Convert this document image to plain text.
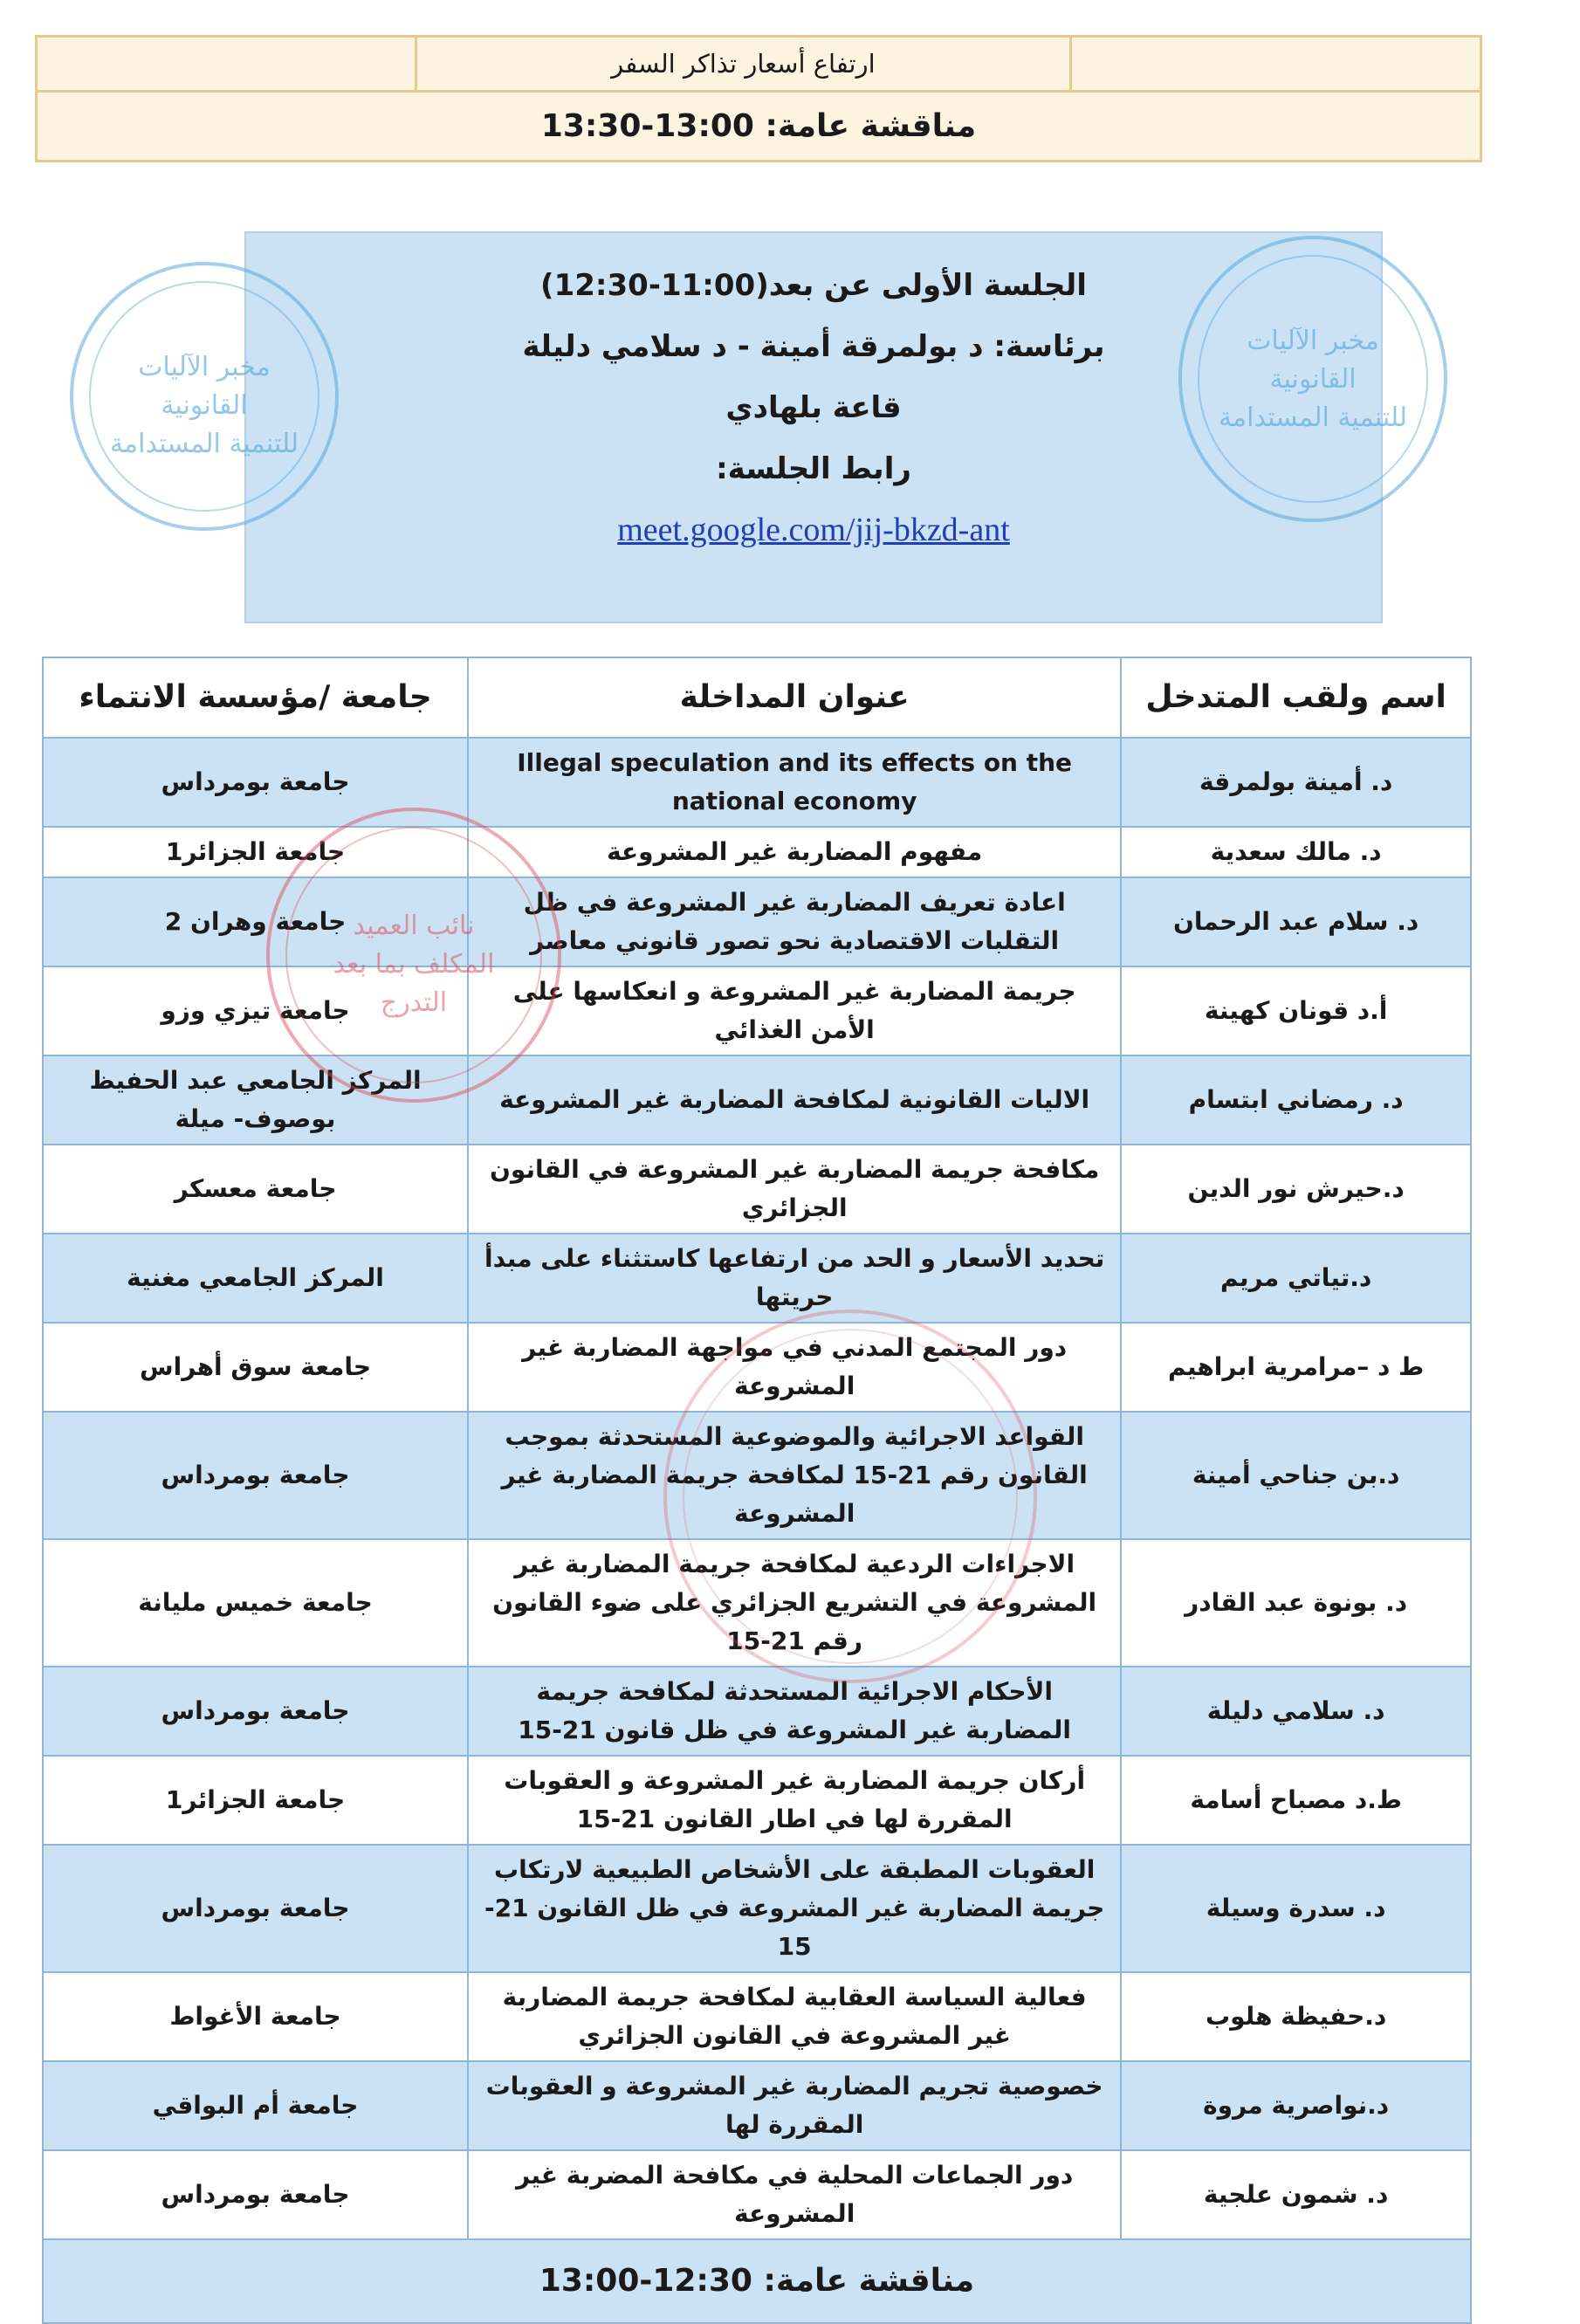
	ارتفاع أسعار تذاكر السفر	
مناقشة عامة: 13:00-13:30
الجلسة الأولى عن بعد(11:00-12:30)
برئاسة: د بولمرقة أمينة - د سلامي دليلة
قاعة بلهادي
رابط الجلسة:
meet.google.com/jij-bkzd-ant
مخبر الآليات
القانونية
للتنمية المستدامة
مخبر الآليات
القانونية
للتنمية المستدامة
اسم ولقب المتدخل	عنوان المداخلة	جامعة /مؤسسة الانتماء
د. أمينة بولمرقة	Illegal speculation and its effects on the national economy	جامعة بومرداس
د. مالك سعدية	مفهوم المضاربة غير المشروعة	جامعة الجزائر1
د. سلام عبد الرحمان	اعادة تعريف المضاربة غير المشروعة في ظل التقلبات الاقتصادية نحو تصور قانوني معاصر	جامعة وهران 2
أ.د قونان كهينة	جريمة المضاربة غير المشروعة و انعكاسها على الأمن الغذائي	جامعة تيزي وزو
د. رمضاني ابتسام	الاليات القانونية لمكافحة المضاربة غير المشروعة	المركز الجامعي عبد الحفيظ بوصوف- ميلة
د.حيرش نور الدين	مكافحة جريمة المضاربة غير المشروعة في القانون الجزائري	جامعة معسكر
د.تياتي مريم	تحديد الأسعار و الحد من ارتفاعها كاستثناء على مبدأ حريتها	المركز الجامعي مغنية
ط د –مرامرية ابراهيم	دور المجتمع المدني في مواجهة المضاربة غير المشروعة	جامعة سوق أهراس
د.بن جناحي أمينة	القواعد الاجرائية والموضوعية المستحدثة بموجب القانون رقم 21-15 لمكافحة جريمة المضاربة غير المشروعة	جامعة بومرداس
د. بونوة عبد القادر	الاجراءات الردعية لمكافحة جريمة المضاربة غير المشروعة في التشريع الجزائري على ضوء القانون رقم 21-15	جامعة خميس مليانة
د. سلامي دليلة	الأحكام الاجرائية المستحدثة لمكافحة جريمة المضاربة غير المشروعة في ظل قانون 21-15	جامعة بومرداس
ط.د مصباح أسامة	أركان جريمة المضاربة غير المشروعة و العقوبات المقررة لها في اطار القانون 21-15	جامعة الجزائر1
د. سدرة وسيلة	العقوبات المطبقة على الأشخاص الطبيعية لارتكاب جريمة المضاربة غير المشروعة في ظل القانون 21-15	جامعة بومرداس
د.حفيظة هلوب	فعالية السياسة العقابية لمكافحة جريمة المضاربة غير المشروعة في القانون الجزائري	جامعة الأغواط
د.نواصرية مروة	خصوصية تجريم المضاربة غير المشروعة و العقوبات المقررة لها	جامعة أم البواقي
د. شمون علجية	دور الجماعات المحلية في مكافحة المضربة غير المشروعة	جامعة بومرداس
مناقشة عامة: 12:30-13:00		
نائب العميد
المكلف بما بعد
التدرج
